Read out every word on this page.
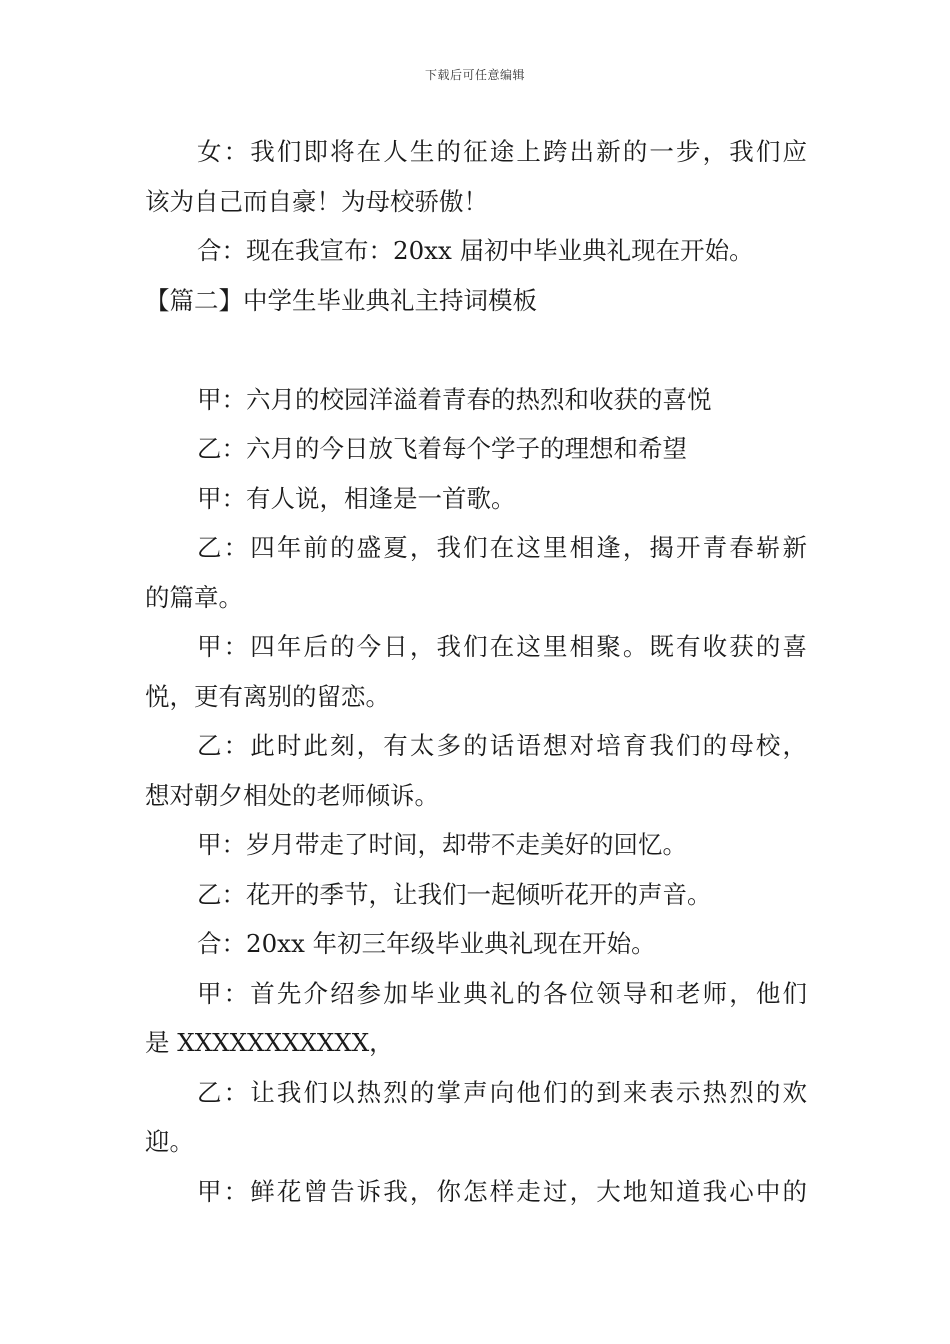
下载后可任意编辑
女：我们即将在人生的征途上跨出新的一步，我们应
该为自己而自豪！为母校骄傲！
合：现在我宣布：20xx 届初中毕业典礼现在开始。
【篇二】中学生毕业典礼主持词模板
甲：六月的校园洋溢着青春的热烈和收获的喜悦
乙：六月的今日放飞着每个学子的理想和希望
甲：有人说，相逢是一首歌。
乙：四年前的盛夏，我们在这里相逢，揭开青春崭新
的篇章。
甲：四年后的今日，我们在这里相聚。既有收获的喜
悦，更有离别的留恋。
乙：此时此刻，有太多的话语想对培育我们的母校，
想对朝夕相处的老师倾诉。
甲：岁月带走了时间，却带不走美好的回忆。
乙：花开的季节，让我们一起倾听花开的声音。
合：20xx 年初三年级毕业典礼现在开始。
甲：首先介绍参加毕业典礼的各位领导和老师，他们
是 XXXXXXXXXXX，
乙：让我们以热烈的掌声向他们的到来表示热烈的欢
迎。
甲：鲜花曾告诉我，你怎样走过，大地知道我心中的
